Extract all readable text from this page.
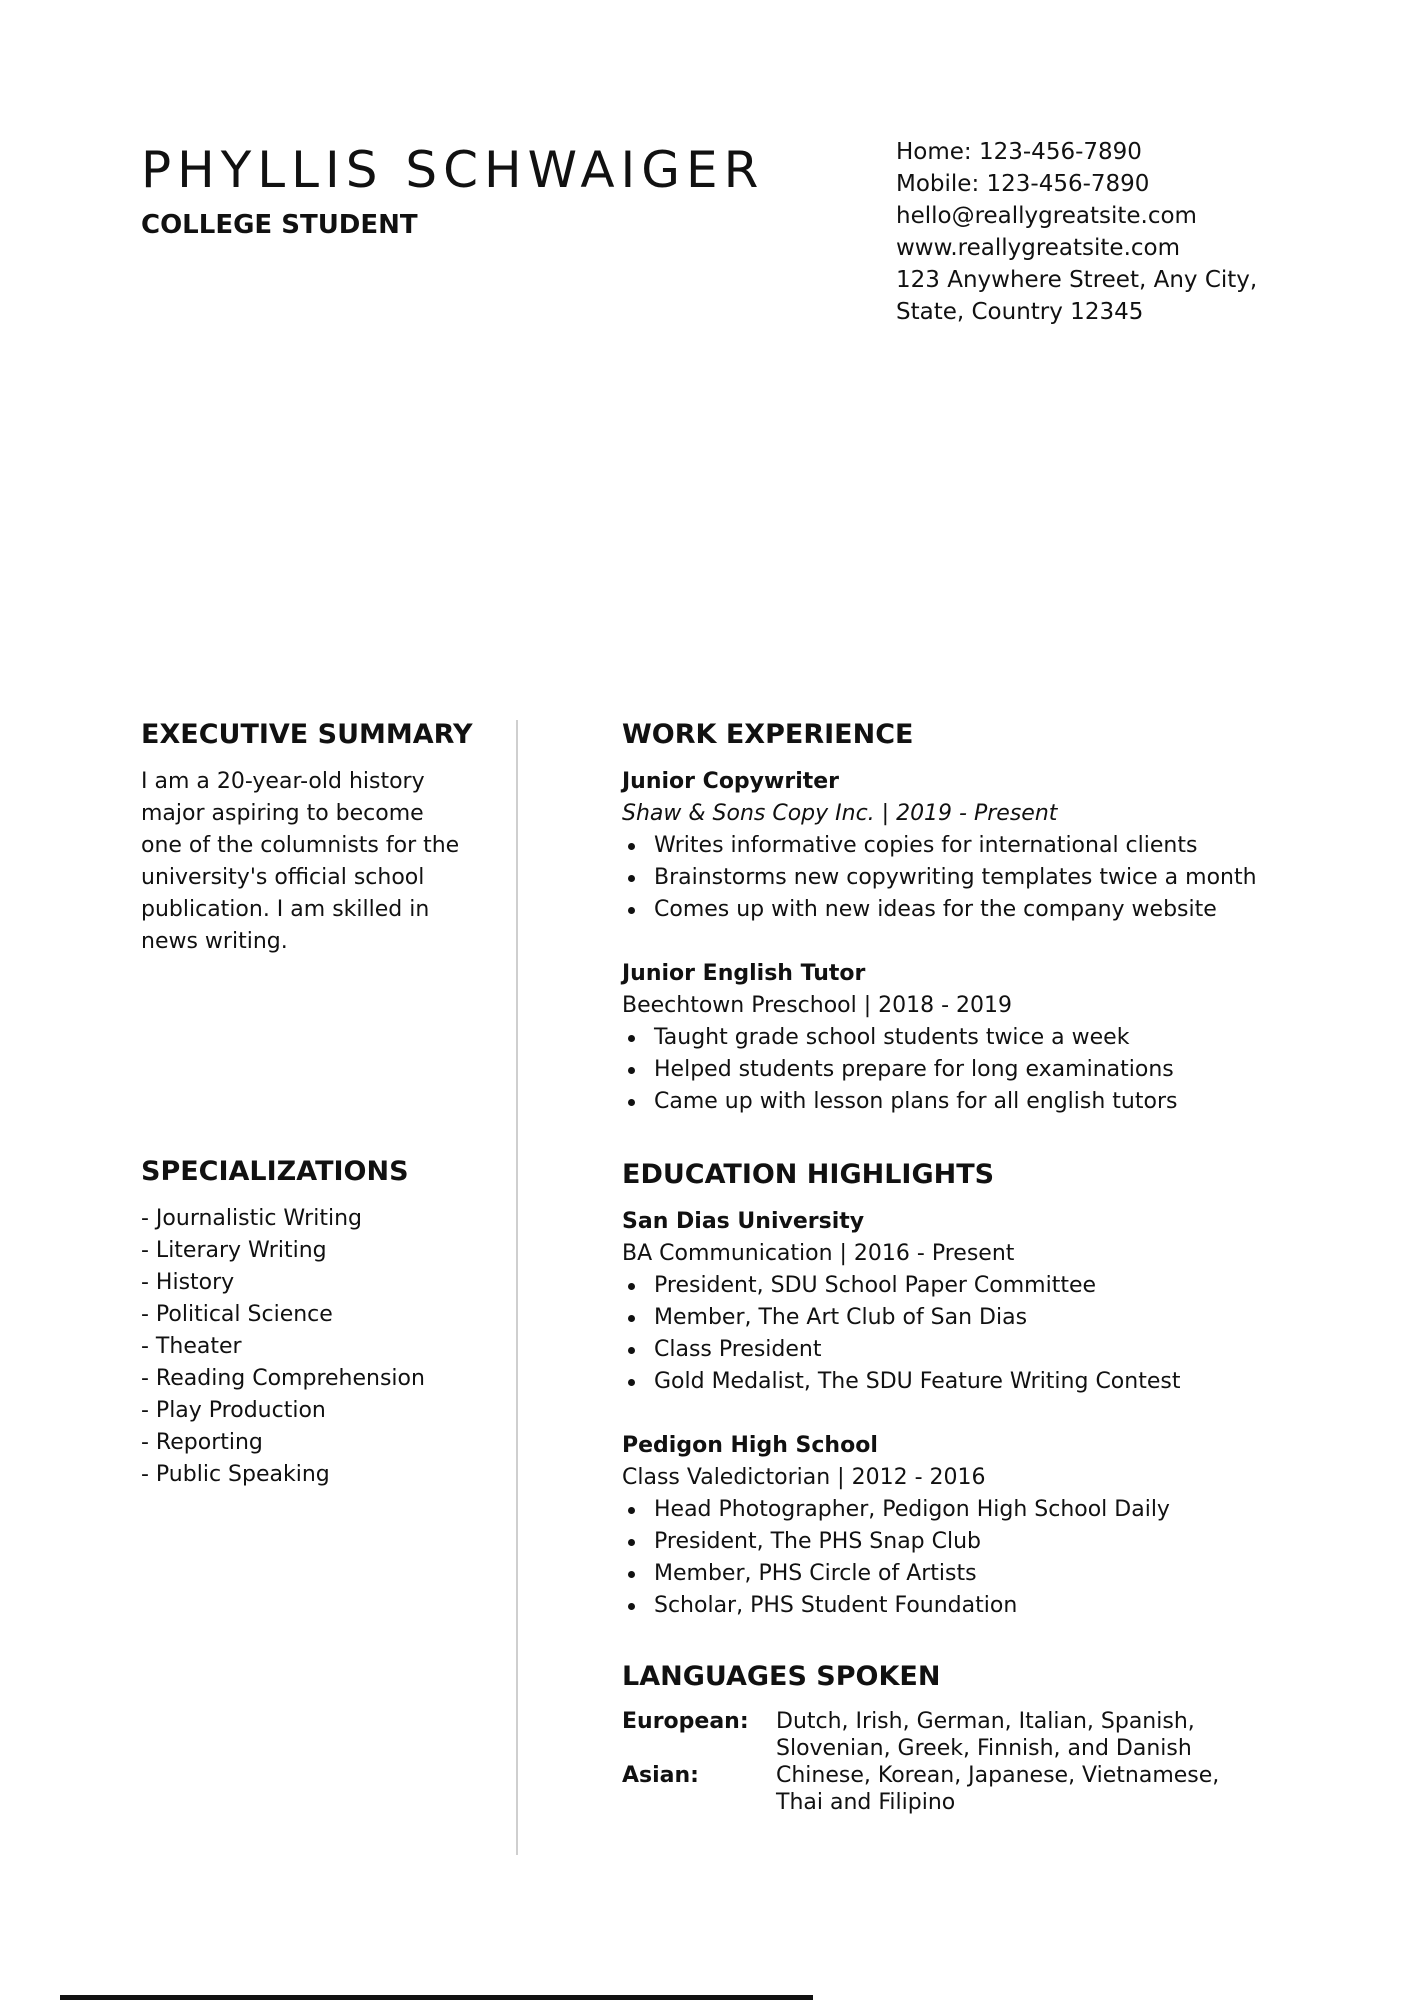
PHYLLIS SCHWAIGER
COLLEGE STUDENT
Home: 123-456-7890
Mobile: 123-456-7890
hello@reallygreatsite.com
www.reallygreatsite.com
123 Anywhere Street, Any City,
State, Country 12345
EXECUTIVE SUMMARY
I am a 20-year-old history major aspiring to become one of the columnists for the university's official school publication. I am skilled in news writing.
SPECIALIZATIONS
- Journalistic Writing
- Literary Writing
- History
- Political Science
- Theater
- Reading Comprehension
- Play Production
- Reporting
- Public Speaking
WORK EXPERIENCE
Junior Copywriter
Shaw & Sons Copy Inc. | 2019 - Present
Writes informative copies for international clients
Brainstorms new copywriting templates twice a month
Comes up with new ideas for the company website
Junior English Tutor
Beechtown Preschool | 2018 - 2019
Taught grade school students twice a week
Helped students prepare for long examinations
Came up with lesson plans for all english tutors
EDUCATION HIGHLIGHTS
San Dias University
BA Communication | 2016 - Present
President, SDU School Paper Committee
Member, The Art Club of San Dias
Class President
Gold Medalist, The SDU Feature Writing Contest
Pedigon High School
Class Valedictorian | 2012 - 2016
Head Photographer, Pedigon High School Daily
President, The PHS Snap Club
Member, PHS Circle of Artists
Scholar, PHS Student Foundation
LANGUAGES SPOKEN
European:	Dutch, Irish, German, Italian, Spanish, Slovenian, Greek, Finnish, and Danish
Asian:	Chinese, Korean, Japanese, Vietnamese, Thai and Filipino
